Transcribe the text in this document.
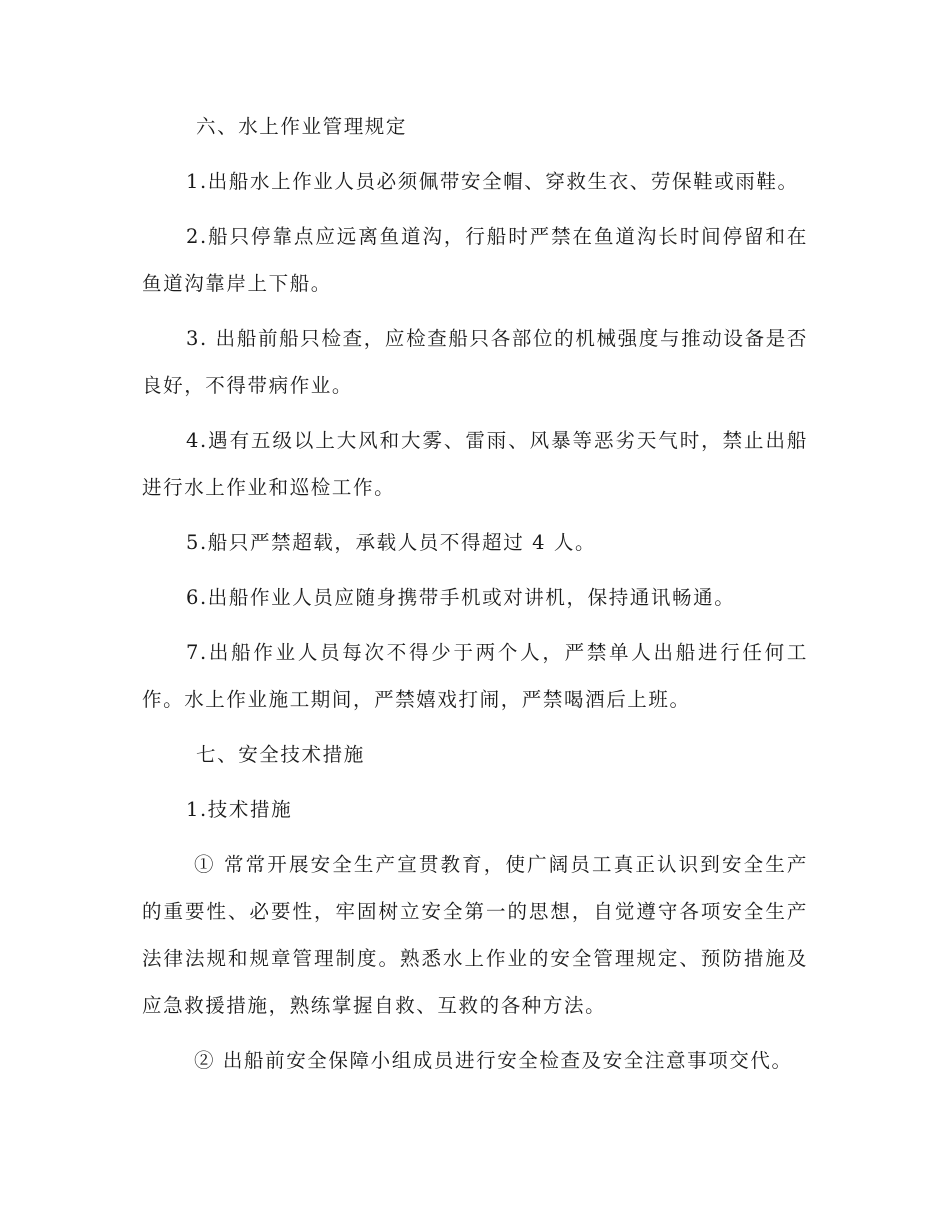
六、水上作业管理规定

1.出船水上作业人员必须佩带安全帽、穿救生衣、劳保鞋或雨鞋。

2.船只停靠点应远离鱼道沟，行船时严禁在鱼道沟长时间停留和在鱼道沟靠岸上下船。

3. 出船前船只检查，应检查船只各部位的机械强度与推动设备是否良好，不得带病作业。

4.遇有五级以上大风和大雾、雷雨、风暴等恶劣天气时，禁止出船进行水上作业和巡检工作。

5.船只严禁超载，承载人员不得超过 4 人。

6.出船作业人员应随身携带手机或对讲机，保持通讯畅通。

7.出船作业人员每次不得少于两个人，严禁单人出船进行任何工作。水上作业施工期间，严禁嬉戏打闹，严禁喝酒后上班。

七、安全技术措施

1.技术措施

① 常常开展安全生产宣贯教育，使广阔员工真正认识到安全生产的重要性、必要性，牢固树立安全第一的思想，自觉遵守各项安全生产法律法规和规章管理制度。熟悉水上作业的安全管理规定、预防措施及应急救援措施，熟练掌握自救、互救的各种方法。

② 出船前安全保障小组成员进行安全检查及安全注意事项交代。
